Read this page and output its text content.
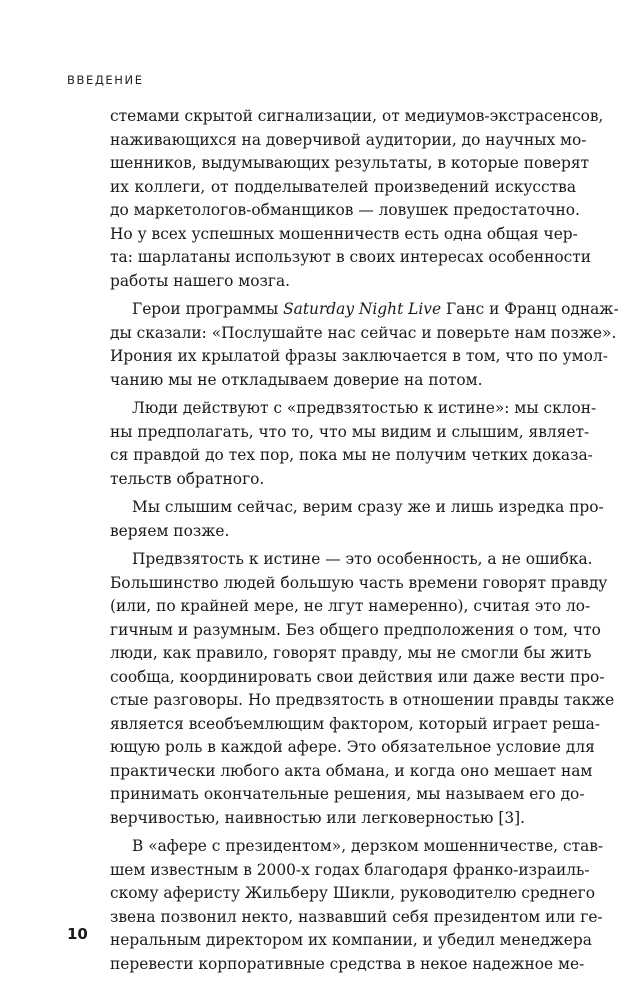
ВВЕДЕНИЕ
стемами скрытой сигнализации, от медиумов-экстрасенсов,
наживающихся на доверчивой аудитории, до научных мо-
шенников, выдумывающих результаты, в которые поверят
их коллеги, от подделывателей произведений искусства
до маркетологов-обманщиков — ловушек предостаточно.
Но у всех успешных мошенничеств есть одна общая чер-
та: шарлатаны используют в своих интересах особенности
работы нашего мозга.
Герои программы Saturday Night Live Ганс и Франц однаж-
ды сказали: «Послушайте нас сейчас и поверьте нам позже».
Ирония их крылатой фразы заключается в том, что по умол-
чанию мы не откладываем доверие на потом.
Люди действуют с «предвзятостью к истине»: мы склон-
ны предполагать, что то, что мы видим и слышим, являет-
ся правдой до тех пор, пока мы не получим четких доказа-
тельств обратного.
Мы слышим сейчас, верим сразу же и лишь изредка про-
веряем позже.
Предвзятость к истине — это особенность, а не ошибка.
Большинство людей большую часть времени говорят правду
(или, по крайней мере, не лгут намеренно), считая это ло-
гичным и разумным. Без общего предположения о том, что
люди, как правило, говорят правду, мы не смогли бы жить
сообща, координировать свои действия или даже вести про-
стые разговоры. Но предвзятость в отношении правды также
является всеобъемлющим фактором, который играет реша-
ющую роль в каждой афере. Это обязательное условие для
практически любого акта обмана, и когда оно мешает нам
принимать окончательные решения, мы называем его до-
верчивостью, наивностью или легковерностью [3].
В «афере с президентом», дерзком мошенничестве, став-
шем известным в 2000-х годах благодаря франко-израиль-
скому аферисту Жильберу Шикли, руководителю среднего
звена позвонил некто, назвавший себя президентом или ге-
неральным директором их компании, и убедил менеджера
перевести корпоративные средства в некое надежное ме-
10
